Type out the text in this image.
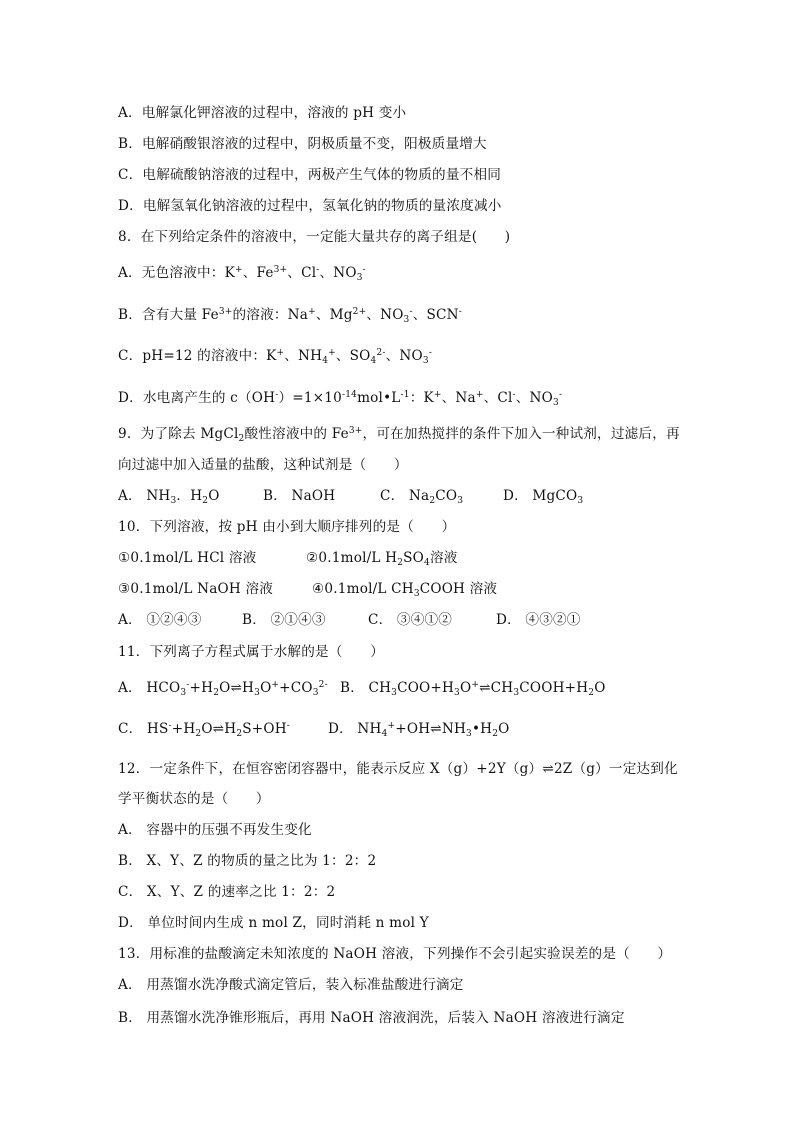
A．电解氯化钾溶液的过程中，溶液的 pH 变小
B．电解硝酸银溶液的过程中，阴极质量不变，阳极质量增大
C．电解硫酸钠溶液的过程中，两极产生气体的物质的量不相同
D．电解氢氧化钠溶液的过程中，氢氧化钠的物质的量浓度减小
8．在下列给定条件的溶液中，一定能大量共存的离子组是(　　)
A．无色溶液中：K+、$Fe^{3+}$、Cl-、$NO_3^-$
B．含有大量 $Fe^{3+}$的溶液：Na+、$Mg^{2+}$、$NO_3^-$、SCN-
C．pH=12 的溶液中：K+、$NH_4^+$、$SO_4^{2-}$、$NO_3^-$
D．水电离产生的 $c(OH^-)=1\times 10^{-14}mol•L^{-1}$：K+、Na+、Cl-、$NO_3^-$
9．为了除去 MgCl$_2$酸性溶液中的 $Fe^{3+}$，可在加热搅拌的条件下加入一种试剂，过滤后，再
向过滤中加入适量的盐酸，这种试剂是（　　）
A． $NH_3$．$H_2O$	B． NaOH	C． $Na_2CO_3$	D． MgCO$_3$
10．下列溶液，按 pH 由小到大顺序排列的是（　　）
①0.1mol/L HCl 溶液	②0.1mol/L $H_2SO_4$溶液
③0.1mol/L NaOH 溶液	④0.1mol/L $CH_3COOH$ 溶液
A． ①②④③	B． ②①④③	C． ③④①②	D． ④③②①
11．下列离子方程式属于水解的是（　　）
A． $HCO_3^-+H_2O\rightleftharpoons H_3O^++CO_3^{2-}$ B． $CH_3COO+H_3O^+\rightleftharpoons CH_3COOH+H_2O$
C． $HS^-+H_2O\rightleftharpoons H_2S+OH^-$	D． $NH_4^++OH\rightleftharpoons NH_3•H_2O$
12．一定条件下，在恒容密闭容器中，能表示反应 X（g）+2Y（g）⇌2Z（g）一定达到化
学平衡状态的是（　　）
A． 容器中的压强不再发生变化
B． X、Y、Z 的物质的量之比为 1：2：2
C． X、Y、Z 的速率之比 1：2：2
D． 单位时间内生成 n mol Z，同时消耗 n mol Y
13．用标准的盐酸滴定未知浓度的 NaOH 溶液，下列操作不会引起实验误差的是（　　）
A． 用蒸馏水洗净酸式滴定管后，装入标准盐酸进行滴定
B． 用蒸馏水洗净锥形瓶后，再用 NaOH 溶液润洗，后装入 NaOH 溶液进行滴定
